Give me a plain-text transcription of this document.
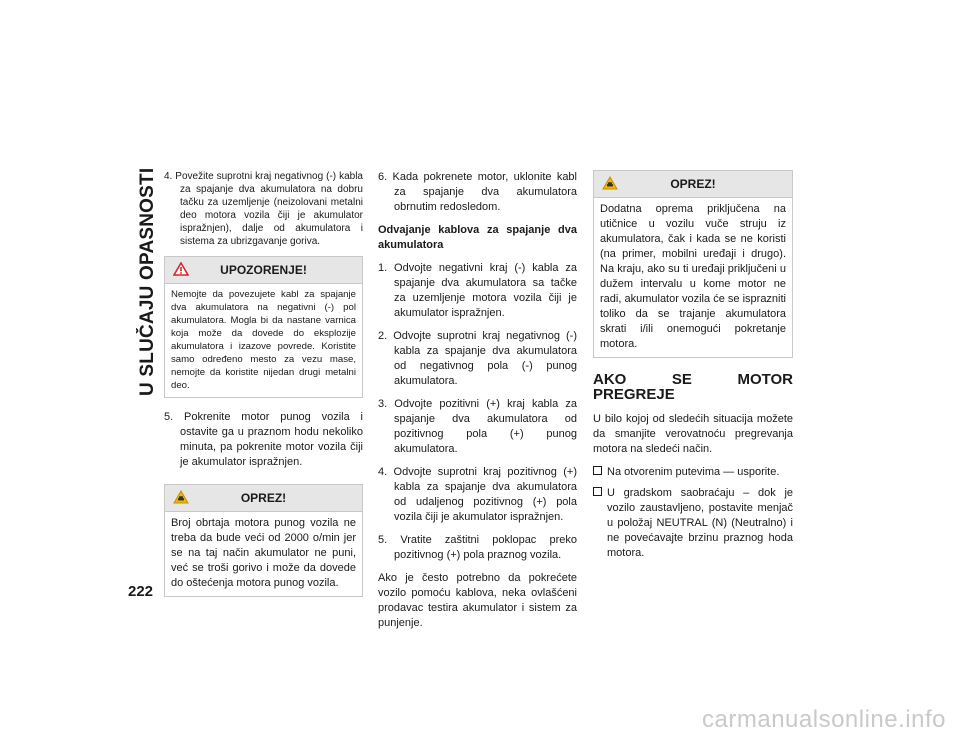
U SLUČAJU OPASNOSTI
222

4. Povežite suprotni kraj negativnog (-) kabla za spajanje dva akumulatora na dobru tačku za uzemljenje (neizolovani metalni deo motora vozila čiji je akumulator ispražnjen), dalje od akumulatora i sistema za ubrizgavanje goriva.

UPOZORENJE!
Nemojte da povezujete kabl za spajanje dva akumulatora na negativni (-) pol akumulatora. Mogla bi da nastane varnica koja može da dovede do eksplozije akumulatora i izazove povrede. Koristite samo određeno mesto za vezu mase, nemojte da koristite nijedan drugi metalni deo.

5. Pokrenite motor punog vozila i ostavite ga u praznom hodu nekoliko minuta, pa pokrenite motor vozila čiji je akumulator ispražnjen.

OPREZ!
Broj obrtaja motora punog vozila ne treba da bude veći od 2000 o/min jer se na taj način akumulator ne puni, već se troši gorivo i može da dovede do oštećenja motora punog vozila.

6. Kada pokrenete motor, uklonite kabl za spajanje dva akumulatora obrnutim redosledom.

Odvajanje kablova za spajanje dva akumulatora

1. Odvojte negativni kraj (-) kabla za spajanje dva akumulatora sa tačke za uzemljenje motora vozila čiji je akumulator ispražnjen.

2. Odvojte suprotni kraj negativnog (-) kabla za spajanje dva akumulatora od negativnog pola (-) punog akumulatora.

3. Odvojte pozitivni (+) kraj kabla za spajanje dva akumulatora od pozitivnog pola (+) punog akumulatora.

4. Odvojte suprotni kraj pozitivnog (+) kabla za spajanje dva akumulatora od udaljenog pozitivnog (+) pola vozila čiji je akumulator ispražnjen.

5. Vratite zaštitni poklopac preko pozitivnog (+) pola praznog vozila.

Ako je često potrebno da pokrećete vozilo pomoću kablova, neka ovlašćeni prodavac testira akumulator i sistem za punjenje.

OPREZ!
Dodatna oprema priključena na utičnice u vozilu vuče struju iz akumulatora, čak i kada se ne koristi (na primer, mobilni uređaji i drugo). Na kraju, ako su ti uređaji priključeni u dužem intervalu u kome motor ne radi, akumulator vozila će se isprazniti toliko da se trajanje akumulatora skrati i/ili onemogući pokretanje motora.

AKO SE MOTOR PREGREJE

U bilo kojoj od sledećih situacija možete da smanjite verovatnoću pregrevanja motora na sledeći način.

Na otvorenim putevima — usporite.

U gradskom saobraćaju – dok je vozilo zaustavljeno, postavite menjač u položaj NEUTRAL (N) (Neutralno) i ne povećavajte brzinu praznog hoda motora.

carmanualsonline.info
